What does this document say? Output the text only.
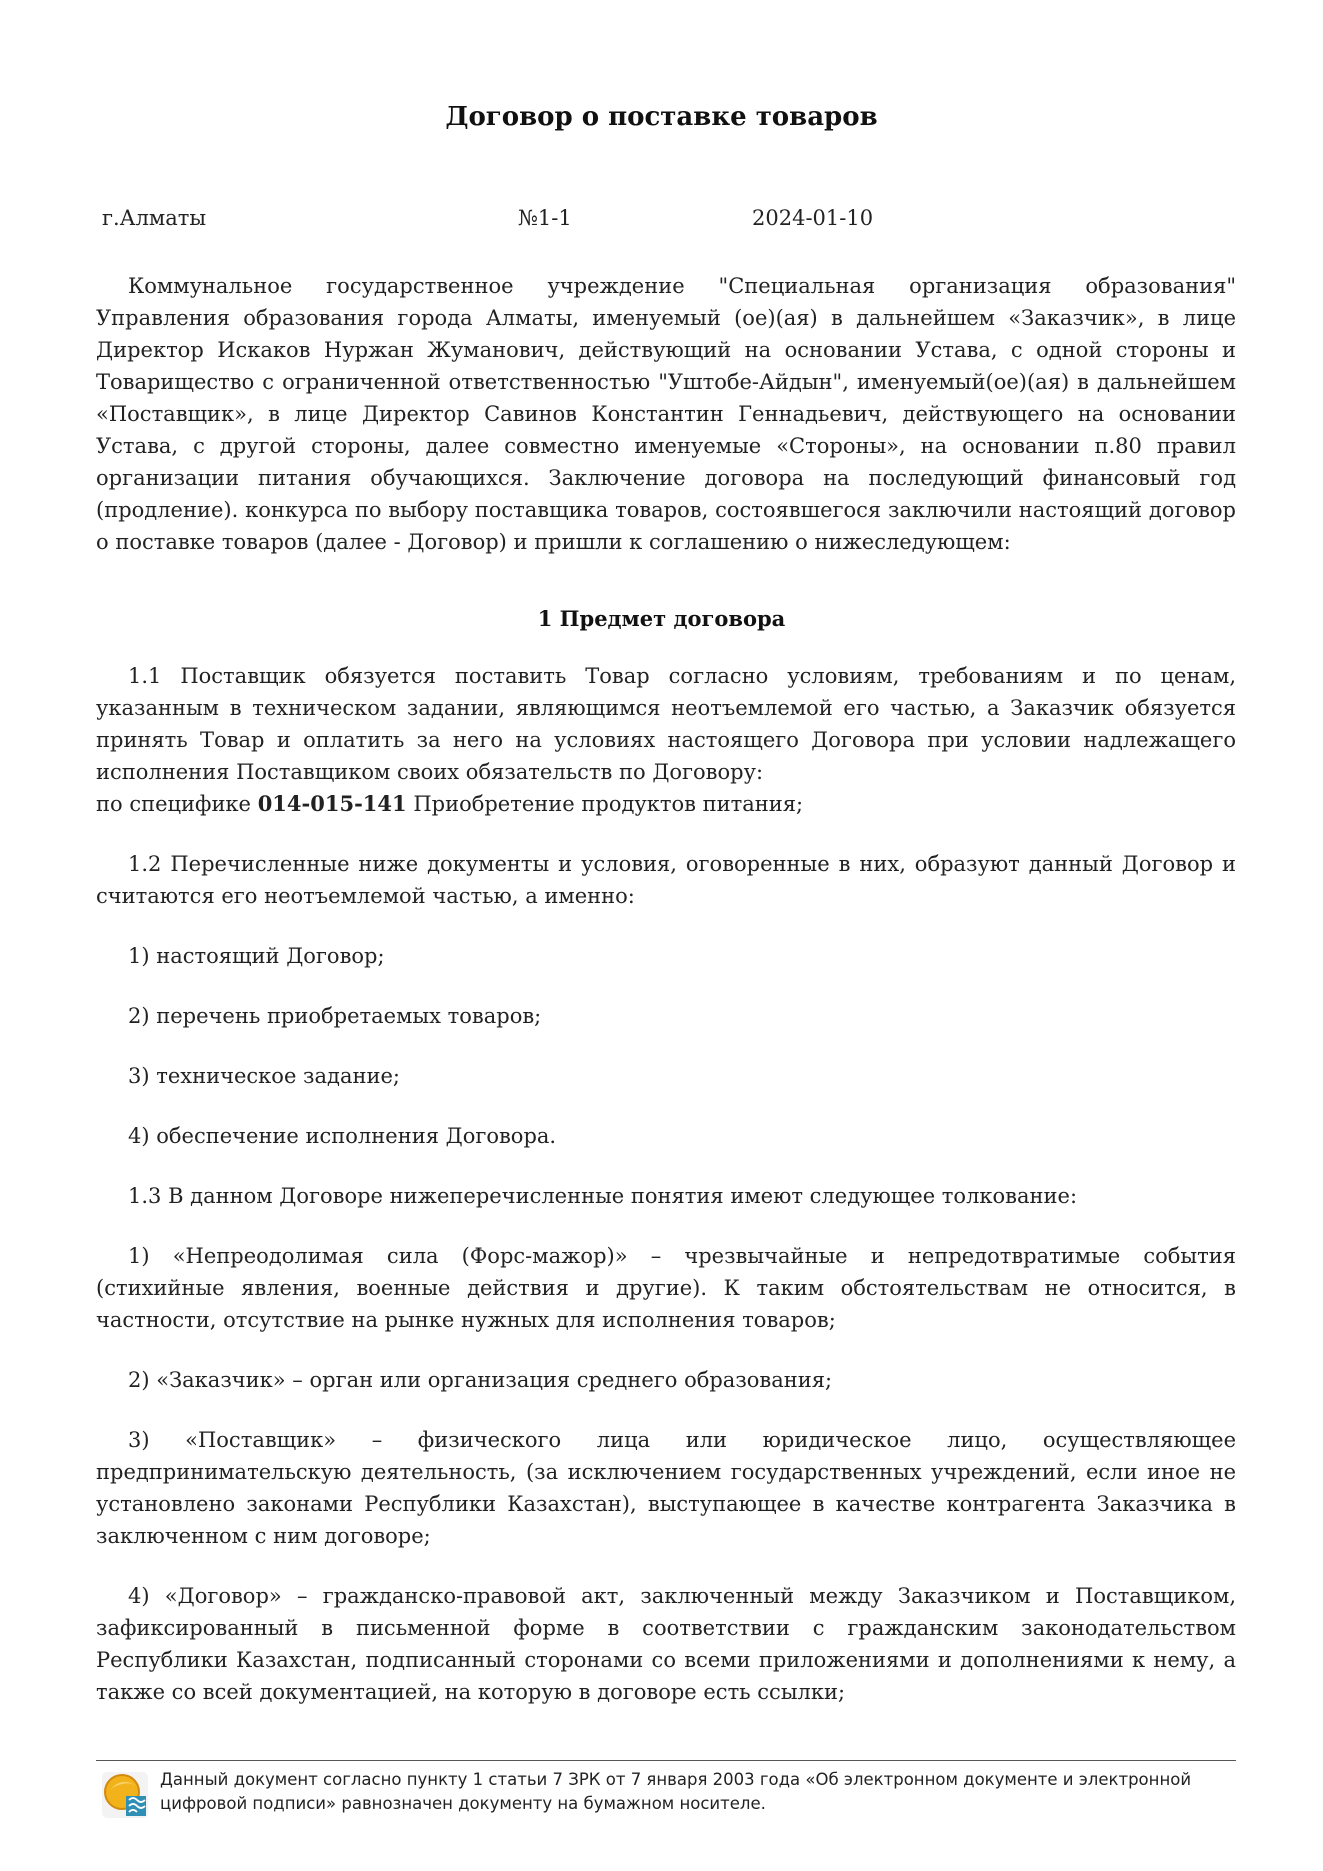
Договор о поставке товаров
г.Алматы	№1-1	2024-01-10

Коммунальное государственное учреждение "Специальная организация образования" Управления образования города Алматы, именуемый (ое)(ая) в дальнейшем «Заказчик», в лице Директор Искаков Нуржан Жуманович, действующий на основании Устава, с одной стороны и Товарищество с ограниченной ответственностью "Уштобе-Айдын", именуемый(ое)(ая) в дальнейшем «Поставщик», в лице Директор Савинов Константин Геннадьевич, действующего на основании Устава, с другой стороны, далее совместно именуемые «Стороны», на основании п.80 правил организации питания обучающихся. Заключение договора на последующий финансовый год (продление). конкурса по выбору поставщика товаров, состоявшегося заключили настоящий договор о поставке товаров (далее - Договор) и пришли к соглашению о нижеследующем:

1 Предмет договора

1.1 Поставщик обязуется поставить Товар согласно условиям, требованиям и по ценам, указанным в техническом задании, являющимся неотъемлемой его частью, а Заказчик обязуется принять Товар и оплатить за него на условиях настоящего Договора при условии надлежащего исполнения Поставщиком своих обязательств по Договору:

по специфике 014-015-141 Приобретение продуктов питания;

1.2 Перечисленные ниже документы и условия, оговоренные в них, образуют данный Договор и считаются его неотъемлемой частью, а именно:

1) настоящий Договор;

2) перечень приобретаемых товаров;

3) техническое задание;

4) обеспечение исполнения Договора.

1.3 В данном Договоре нижеперечисленные понятия имеют следующее толкование:

1) «Непреодолимая сила (Форс-мажор)» – чрезвычайные и непредотвратимые события (стихийные явления, военные действия и другие). К таким обстоятельствам не относится, в частности, отсутствие на рынке нужных для исполнения товаров;

2) «Заказчик» – орган или организация среднего образования;

3) «Поставщик» – физического лица или юридическое лицо, осуществляющее предпринимательскую деятельность, (за исключением государственных учреждений, если иное не установлено законами Республики Казахстан), выступающее в качестве контрагента Заказчика в заключенном с ним договоре;

4) «Договор» – гражданско-правовой акт, заключенный между Заказчиком и Поставщиком, зафиксированный в письменной форме в соответствии с гражданским законодательством Республики Казахстан, подписанный сторонами со всеми приложениями и дополнениями к нему, а также со всей документацией, на которую в договоре есть ссылки;

Данный документ согласно пункту 1 статьи 7 ЗРК от 7 января 2003 года «Об электронном документе и электронной цифровой подписи» равнозначен документу на бумажном носителе.
